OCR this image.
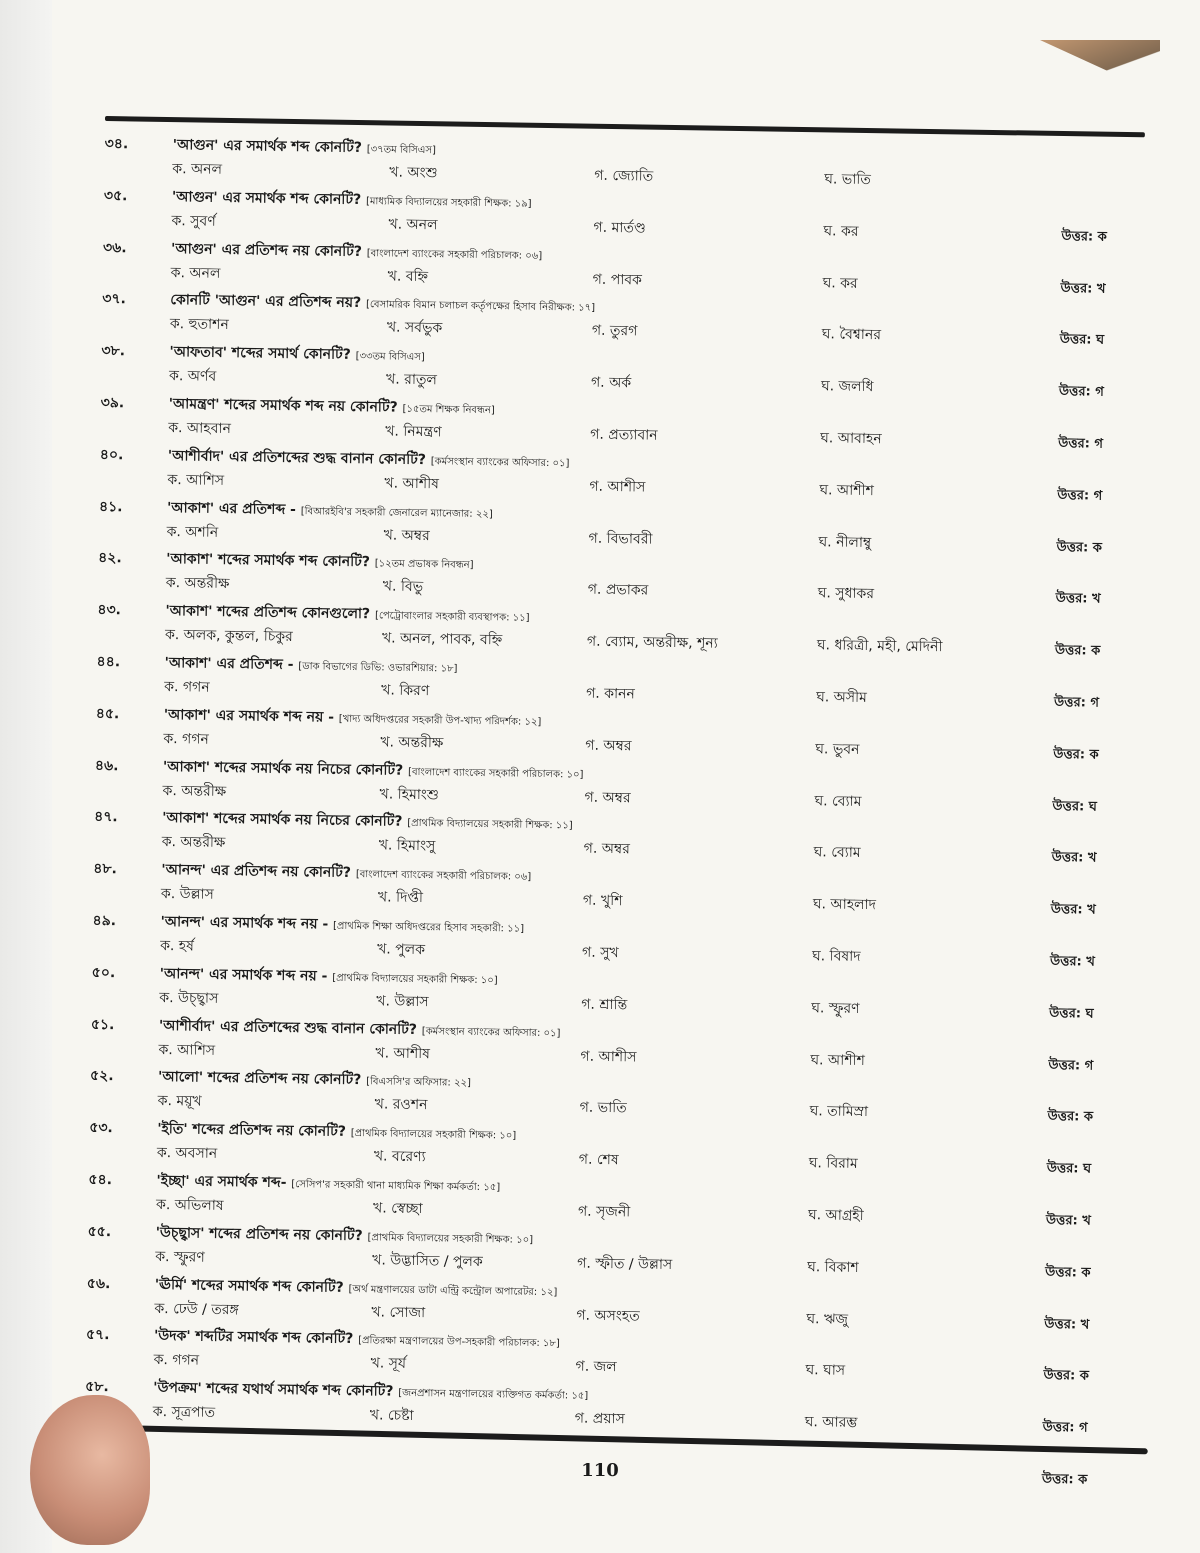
৩৪.	'আগুন' এর সমার্থক শব্দ কোনটি? [৩৭তম বিসিএস]
ক. অনল	খ. অংশু	গ. জ্যোতি	ঘ. ভাতি
৩৫.	'আগুন' এর সমার্থক শব্দ কোনটি? [মাধ্যমিক বিদ্যালয়ের সহকারী শিক্ষক: ১৯]
ক. সুবর্ণ	খ. অনল	গ. মার্তণ্ড	ঘ. কর	উত্তর: ক
৩৬.	'আগুন' এর প্রতিশব্দ নয় কোনটি? [বাংলাদেশ ব্যাংকের সহকারী পরিচালক: ০৬]
ক. অনল	খ. বহ্নি	গ. পাবক	ঘ. কর	উত্তর: খ
৩৭.	কোনটি 'আগুন' এর প্রতিশব্দ নয়? [বেসামরিক বিমান চলাচল কর্তৃপক্ষের হিসাব নিরীক্ষক: ১৭]
ক. হুতাশন	খ. সর্বভুক	গ. তুরগ	ঘ. বৈশ্বানর	উত্তর: ঘ
৩৮.	'আফতাব' শব্দের সমার্থ কোনটি? [৩৩তম বিসিএস]
ক. অর্ণব	খ. রাতুল	গ. অর্ক	ঘ. জলধি	উত্তর: গ
৩৯.	'আমন্ত্রণ' শব্দের সমার্থক শব্দ নয় কোনটি? [১৫তম শিক্ষক নিবন্ধন]
ক. আহবান	খ. নিমন্ত্রণ	গ. প্রত্যাবান	ঘ. আবাহন	উত্তর: গ
৪০.	'আশীর্বাদ' এর প্রতিশব্দের শুদ্ধ বানান কোনটি? [কর্মসংস্থান ব্যাংকের অফিসার: ০১]
ক. আশিস	খ. আশীষ	গ. আশীস	ঘ. আশীশ	উত্তর: গ
৪১.	'আকাশ' এর প্রতিশব্দ - [বিআরইবি'র সহকারী জেনারেল ম্যানেজার: ২২]
ক. অশনি	খ. অম্বর	গ. বিভাবরী	ঘ. নীলাম্বু	উত্তর: ক
৪২.	'আকাশ' শব্দের সমার্থক শব্দ কোনটি? [১২তম প্রভাষক নিবন্ধন]
ক. অন্তরীক্ষ	খ. বিভু	গ. প্রভাকর	ঘ. সুধাকর	উত্তর: খ
৪৩.	'আকাশ' শব্দের প্রতিশব্দ কোনগুলো? [পেট্রোবাংলার সহকারী ব্যবস্থাপক: ১১]
ক. অলক, কুন্তল, চিকুর	খ. অনল, পাবক, বহ্নি	গ. ব্যোম, অন্তরীক্ষ, শূন্য	ঘ. ধরিত্রী, মহী, মেদিনী	উত্তর: ক
৪৪.	'আকাশ' এর প্রতিশব্দ - [ডাক বিভাগের ডিভি: ওভারশিয়ার: ১৮]
ক. গগন	খ. কিরণ	গ. কানন	ঘ. অসীম	উত্তর: গ
৪৫.	'আকাশ' এর সমার্থক শব্দ নয় - [খাদ্য অধিদপ্তরের সহকারী উপ-খাদ্য পরিদর্শক: ১২]
ক. গগন	খ. অন্তরীক্ষ	গ. অম্বর	ঘ. ভুবন	উত্তর: ক
৪৬.	'আকাশ' শব্দের সমার্থক নয় নিচের কোনটি? [বাংলাদেশ ব্যাংকের সহকারী পরিচালক: ১০]
ক. অন্তরীক্ষ	খ. হিমাংশু	গ. অম্বর	ঘ. ব্যোম	উত্তর: ঘ
৪৭.	'আকাশ' শব্দের সমার্থক নয় নিচের কোনটি? [প্রাথমিক বিদ্যালয়ের সহকারী শিক্ষক: ১১]
ক. অন্তরীক্ষ	খ. হিমাংসু	গ. অম্বর	ঘ. ব্যোম	উত্তর: খ
৪৮.	'আনন্দ' এর প্রতিশব্দ নয় কোনটি? [বাংলাদেশ ব্যাংকের সহকারী পরিচালক: ০৬]
ক. উল্লাস	খ. দিপ্তী	গ. খুশি	ঘ. আহলাদ	উত্তর: খ
৪৯.	'আনন্দ' এর সমার্থক শব্দ নয় - [প্রাথমিক শিক্ষা অধিদপ্তরের হিসাব সহকারী: ১১]
ক. হর্ষ	খ. পুলক	গ. সুখ	ঘ. বিষাদ	উত্তর: খ
৫০.	'আনন্দ' এর সমার্থক শব্দ নয় - [প্রাথমিক বিদ্যালয়ের সহকারী শিক্ষক: ১০]
ক. উচ্ছ্বাস	খ. উল্লাস	গ. শ্রান্তি	ঘ. স্ফুরণ	উত্তর: ঘ
৫১.	'আশীর্বাদ' এর প্রতিশব্দের শুদ্ধ বানান কোনটি? [কর্মসংস্থান ব্যাংকের অফিসার: ০১]
ক. আশিস	খ. আশীষ	গ. আশীস	ঘ. আশীশ	উত্তর: গ
৫২.	'আলো' শব্দের প্রতিশব্দ নয় কোনটি? [বিএসসি'র অফিসার: ২২]
ক. ময়ূখ	খ. রওশন	গ. ভাতি	ঘ. তামিস্রা	উত্তর: ক
৫৩.	'ইতি' শব্দের প্রতিশব্দ নয় কোনটি? [প্রাথমিক বিদ্যালয়ের সহকারী শিক্ষক: ১০]
ক. অবসান	খ. বরেণ্য	গ. শেষ	ঘ. বিরাম	উত্তর: ঘ
৫৪.	'ইচ্ছা' এর সমার্থক শব্দ- [সেসিপ'র সহকারী থানা মাধ্যমিক শিক্ষা কর্মকর্তা: ১৫]
ক. অভিলাষ	খ. স্বেচ্ছা	গ. সৃজনী	ঘ. আগ্রহী	উত্তর: খ
৫৫.	'উচ্ছ্বাস' শব্দের প্রতিশব্দ নয় কোনটি? [প্রাথমিক বিদ্যালয়ের সহকারী শিক্ষক: ১০]
ক. স্ফুরণ	খ. উদ্ভাসিত / পুলক	গ. স্ফীত / উল্লাস	ঘ. বিকাশ	উত্তর: ক
৫৬.	'ঊর্মি' শব্দের সমার্থক শব্দ কোনটি? [অর্থ মন্ত্রণালয়ের ডাটা এন্ট্রি কন্ট্রোল অপারেটর: ১২]
ক. ঢেউ / তরঙ্গ	খ. সোজা	গ. অসংহত	ঘ. ঋজু	উত্তর: খ
৫৭.	'উদক' শব্দটির সমার্থক শব্দ কোনটি? [প্রতিরক্ষা মন্ত্রণালয়ের উপ-সহকারী পরিচালক: ১৮]
ক. গগন	খ. সূর্য	গ. জল	ঘ. ঘাস	উত্তর: ক
৫৮.	'উপক্রম' শব্দের যথার্থ সমার্থক শব্দ কোনটি? [জনপ্রশাসন মন্ত্রণালয়ের ব্যক্তিগত কর্মকর্তা: ১৫]
ক. সূত্রপাত	খ. চেষ্টা	গ. প্রয়াস	ঘ. আরম্ভ	উত্তর: গ
উত্তর: ক
110
